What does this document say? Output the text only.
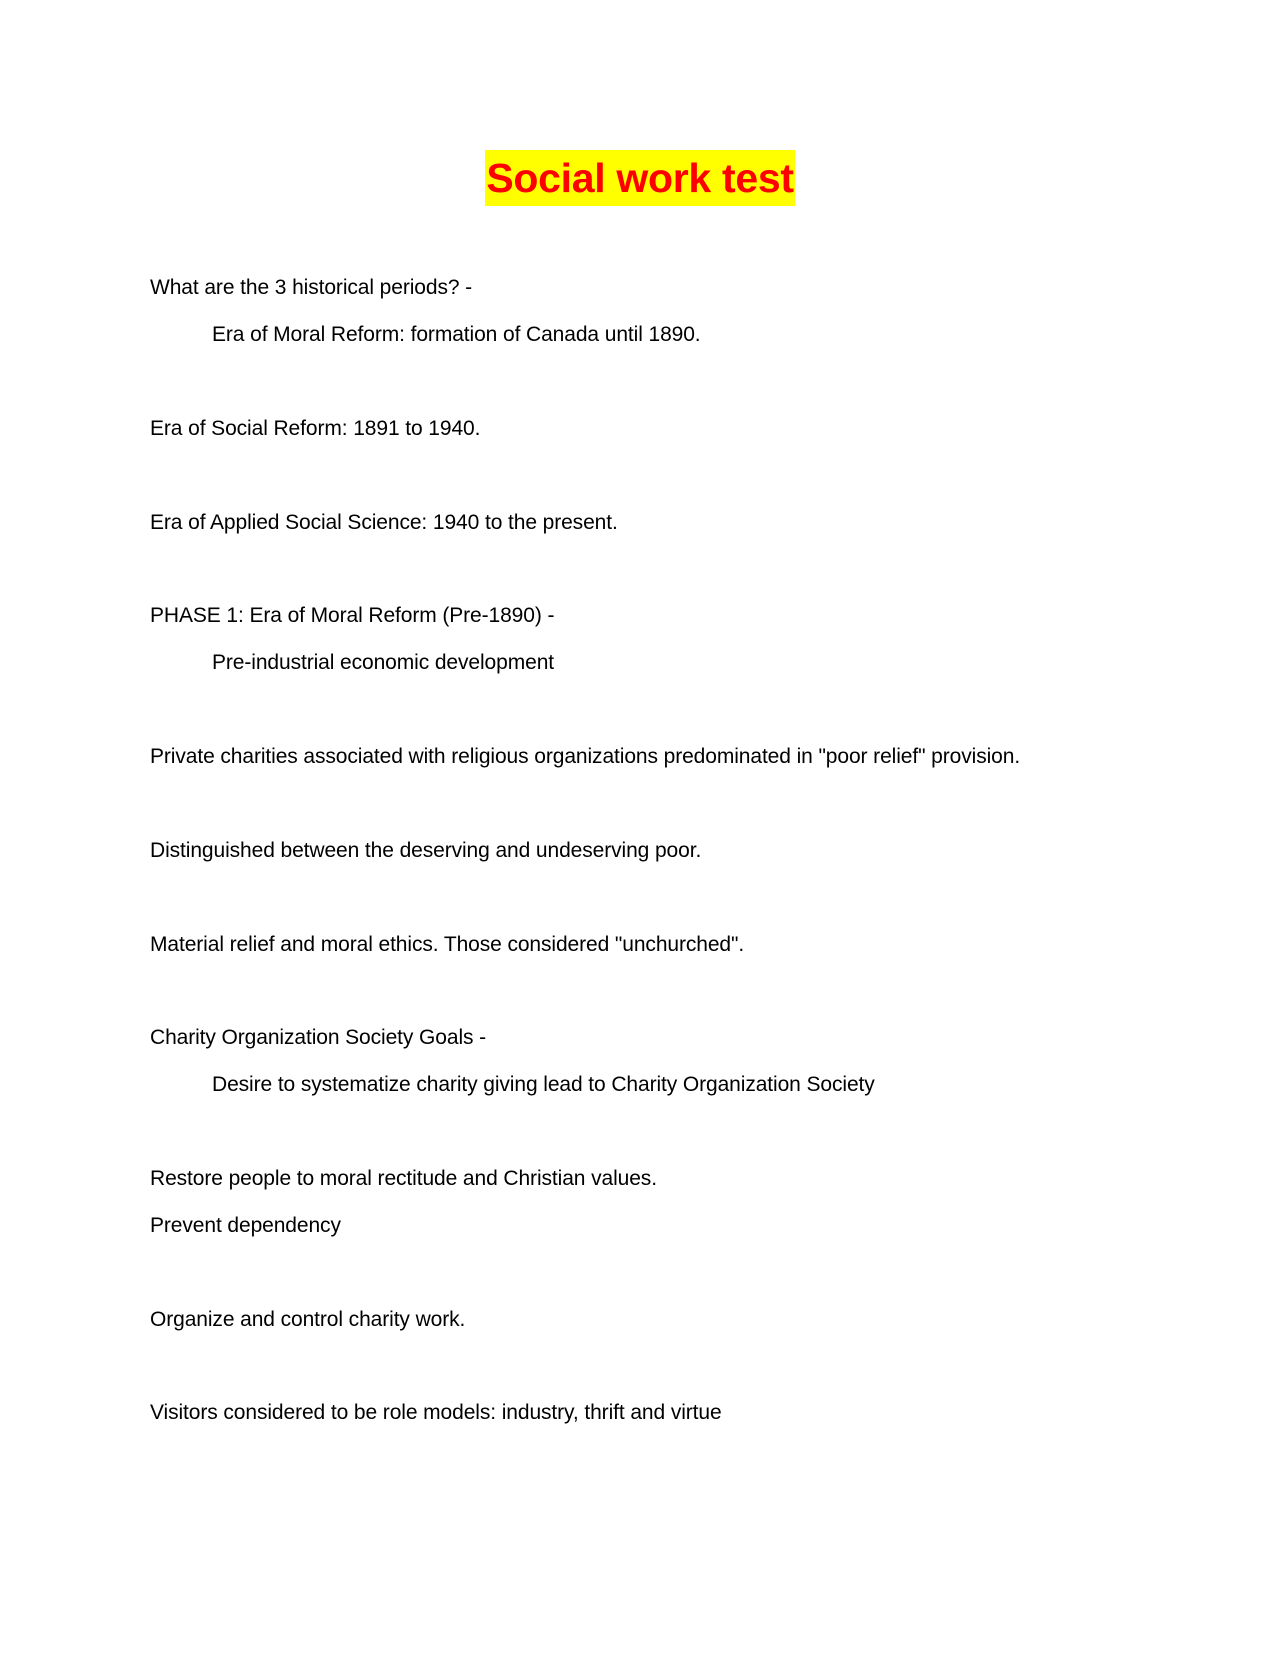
Social work test
What are the 3 historical periods? -
Era of Moral Reform: formation of Canada until 1890.
Era of Social Reform: 1891 to 1940.
Era of Applied Social Science: 1940 to the present.
PHASE 1: Era of Moral Reform (Pre-1890) -
Pre-industrial economic development
Private charities associated with religious organizations predominated in "poor relief" provision.
Distinguished between the deserving and undeserving poor.
Material relief and moral ethics. Those considered "unchurched".
Charity Organization Society Goals -
Desire to systematize charity giving lead to Charity Organization Society
Restore people to moral rectitude and Christian values.
Prevent dependency
Organize and control charity work.
Visitors considered to be role models: industry, thrift and virtue
